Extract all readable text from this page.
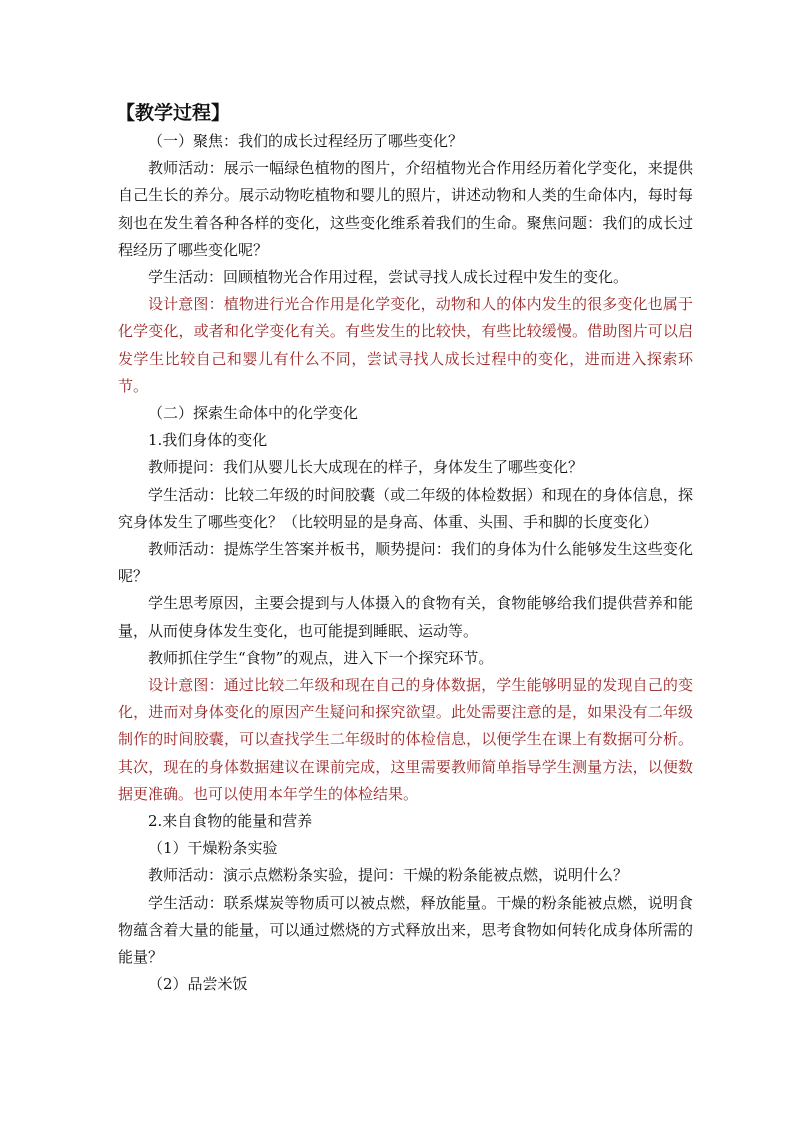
【教学过程】

（一）聚焦：我们的成长过程经历了哪些变化？

教师活动：展示一幅绿色植物的图片，介绍植物光合作用经历着化学变化，来提供自己生长的养分。展示动物吃植物和婴儿的照片，讲述动物和人类的生命体内，每时每刻也在发生着各种各样的变化，这些变化维系着我们的生命。聚焦问题：我们的成长过程经历了哪些变化呢？

学生活动：回顾植物光合作用过程，尝试寻找人成长过程中发生的变化。

设计意图：植物进行光合作用是化学变化，动物和人的体内发生的很多变化也属于化学变化，或者和化学变化有关。有些发生的比较快，有些比较缓慢。借助图片可以启发学生比较自己和婴儿有什么不同，尝试寻找人成长过程中的变化，进而进入探索环节。

（二）探索生命体中的化学变化

1.我们身体的变化

教师提问：我们从婴儿长大成现在的样子，身体发生了哪些变化？

学生活动：比较二年级的时间胶囊（或二年级的体检数据）和现在的身体信息，探究身体发生了哪些变化？（比较明显的是身高、体重、头围、手和脚的长度变化）

教师活动：提炼学生答案并板书，顺势提问：我们的身体为什么能够发生这些变化呢？

学生思考原因，主要会提到与人体摄入的食物有关，食物能够给我们提供营养和能量，从而使身体发生变化，也可能提到睡眠、运动等。

教师抓住学生“食物”的观点，进入下一个探究环节。

设计意图：通过比较二年级和现在自己的身体数据，学生能够明显的发现自己的变化，进而对身体变化的原因产生疑问和探究欲望。此处需要注意的是，如果没有二年级制作的时间胶囊，可以查找学生二年级时的体检信息，以便学生在课上有数据可分析。其次，现在的身体数据建议在课前完成，这里需要教师简单指导学生测量方法，以便数据更准确。也可以使用本年学生的体检结果。

2.来自食物的能量和营养

（1）干燥粉条实验

教师活动：演示点燃粉条实验，提问：干燥的粉条能被点燃，说明什么？

学生活动：联系煤炭等物质可以被点燃，释放能量。干燥的粉条能被点燃，说明食物蕴含着大量的能量，可以通过燃烧的方式释放出来，思考食物如何转化成身体所需的能量？

（2）品尝米饭
